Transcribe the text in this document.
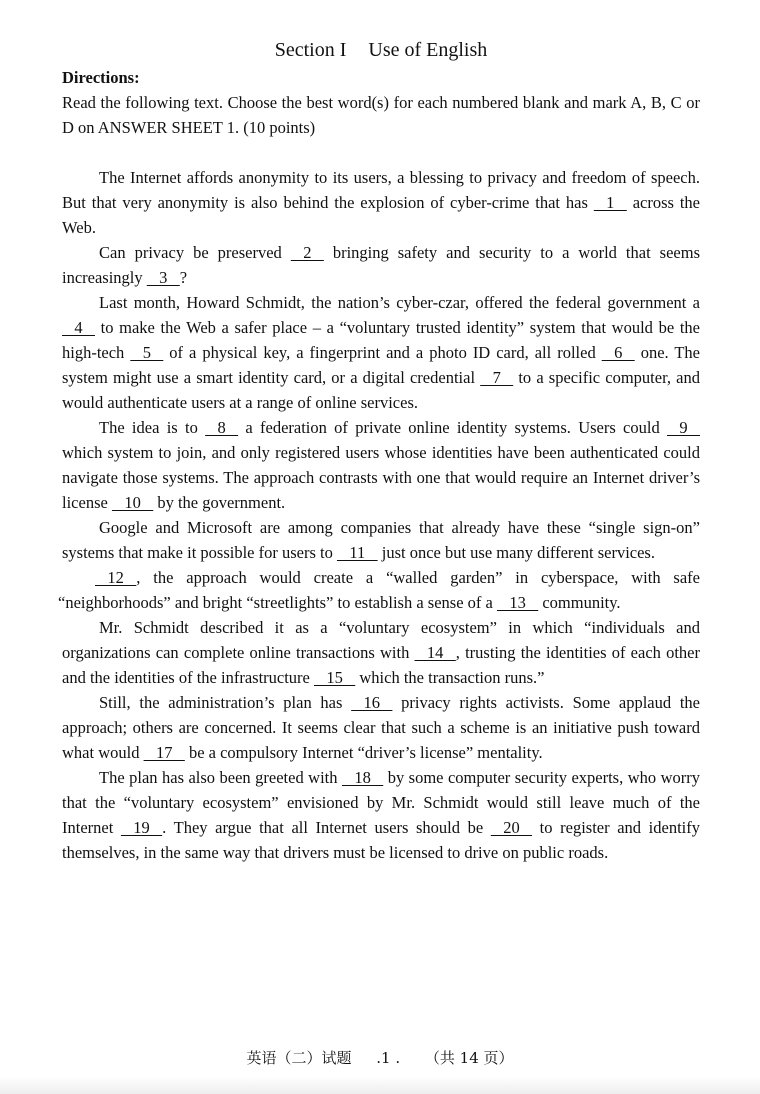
Section I Use of English
Directions:
Read the following text. Choose the best word(s) for each numbered blank and mark A, B, C or D on ANSWER SHEET 1. (10 points)

The Internet affords anonymity to its users, a blessing to privacy and freedom of speech. But that very anonymity is also behind the explosion of cyber-crime that has    1    across the Web.

Can privacy be preserved    2    bringing safety and security to a world that seems increasingly    3   ?

Last month, Howard Schmidt, the nation’s cyber-czar, offered the federal government a    4    to make the Web a safer place – a “voluntary trusted identity” system that would be the high-tech    5    of a physical key, a fingerprint and a photo ID card, all rolled    6    one. The system might use a smart identity card, or a digital credential    7    to a specific computer, and would authenticate users at a range of online services.

The idea is to    8    a federation of private online identity systems. Users could    9    which system to join, and only registered users whose identities have been authenticated could navigate those systems. The approach contrasts with one that would require an Internet driver’s license    10    by the government.

Google and Microsoft are among companies that already have these “single sign-on” systems that make it possible for users to    11    just once but use many different services.

12   , the approach would create a “walled garden” in cyberspace, with safe “neighborhoods” and bright “streetlights” to establish a sense of a    13    community.

Mr. Schmidt described it as a “voluntary ecosystem” in which “individuals and organizations can complete online transactions with    14   , trusting the identities of each other and the identities of the infrastructure    15    which the transaction runs.”

Still, the administration’s plan has    16    privacy rights activists. Some applaud the approach; others are concerned. It seems clear that such a scheme is an initiative push toward what would    17    be a compulsory Internet “driver’s license” mentality.

The plan has also been greeted with    18    by some computer security experts, who worry that the “voluntary ecosystem” envisioned by Mr. Schmidt would still leave much of the Internet    19   . They argue that all Internet users should be    20    to register and identify themselves, in the same way that drivers must be licensed to drive on public roads.

英语（二）试题 .1 . （共 14 页）
